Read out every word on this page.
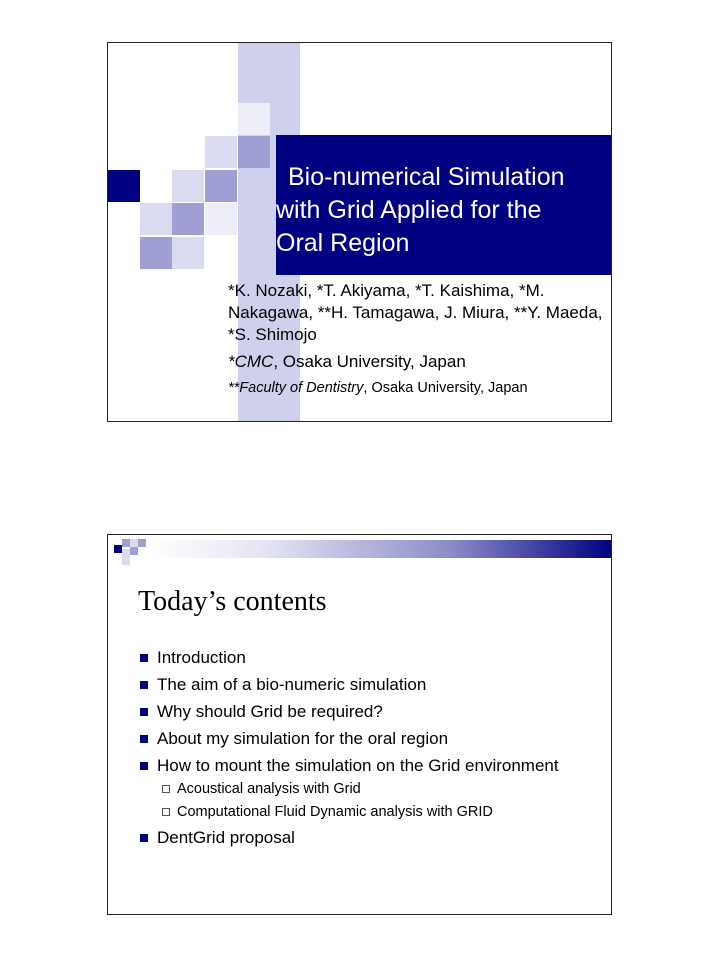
Bio-numerical Simulation
with Grid Applied for the
Oral Region

*K. Nozaki, *T. Akiyama, *T. Kaishima, *M. Nakagawa, **H. Tamagawa, J. Miura, **Y. Maeda, *S. Shimojo

*CMC, Osaka University, Japan
**Faculty of Dentistry, Osaka University, Japan
Today’s contents
Introduction
The aim of a bio-numeric simulation
Why should Grid be required?
About my simulation for the oral region
How to mount the simulation on the Grid environment
Acoustical analysis with Grid
Computational Fluid Dynamic analysis with GRID
DentGrid proposal
